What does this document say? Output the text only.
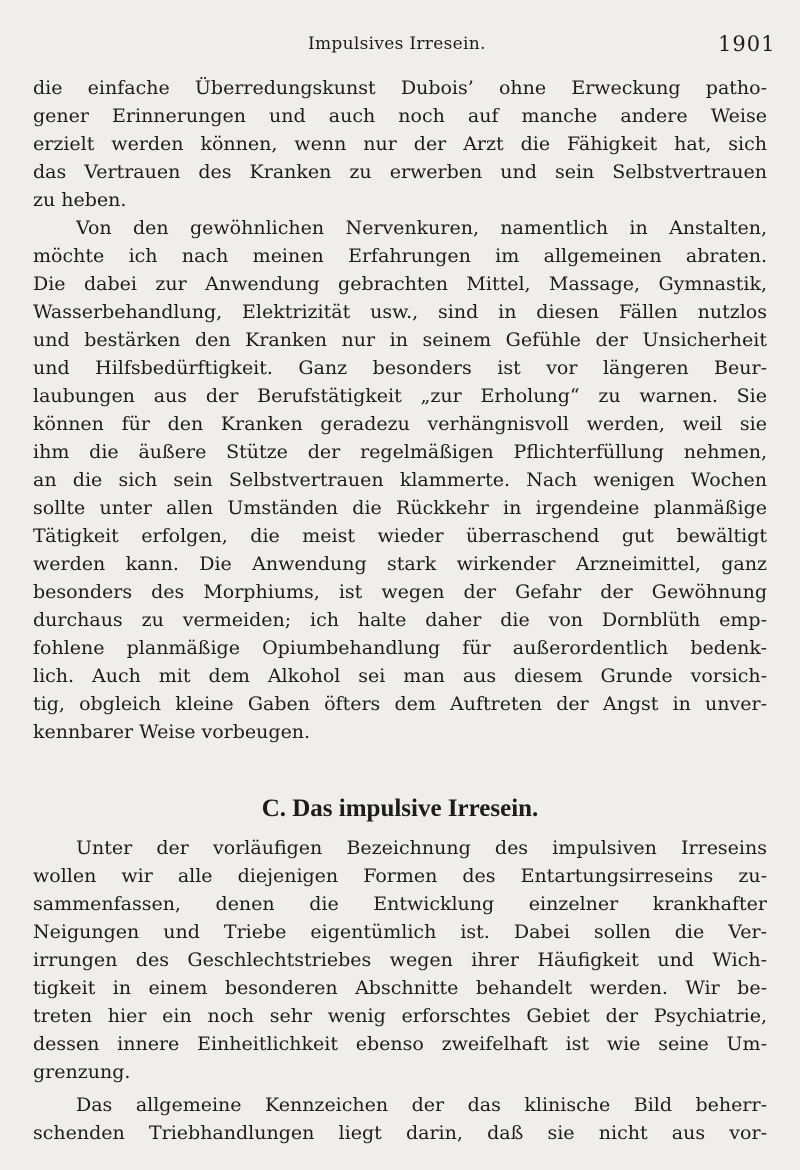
Impulsives Irresein.	1901
die einfache Überredungskunst Dubois’ ohne Erweckung patho-
gener Erinnerungen und auch noch auf manche andere Weise
erzielt werden können, wenn nur der Arzt die Fähigkeit hat, sich
das Vertrauen des Kranken zu erwerben und sein Selbstvertrauen
zu heben.
Von den gewöhnlichen Nervenkuren, namentlich in Anstalten,
möchte ich nach meinen Erfahrungen im allgemeinen abraten.
Die dabei zur Anwendung gebrachten Mittel, Massage, Gymnastik,
Wasserbehandlung, Elektrizität usw., sind in diesen Fällen nutzlos
und bestärken den Kranken nur in seinem Gefühle der Unsicherheit
und Hilfsbedürftigkeit. Ganz besonders ist vor längeren Beur-
laubungen aus der Berufstätigkeit „zur Erholung“ zu warnen. Sie
können für den Kranken geradezu verhängnisvoll werden, weil sie
ihm die äußere Stütze der regelmäßigen Pflichterfüllung nehmen,
an die sich sein Selbstvertrauen klammerte. Nach wenigen Wochen
sollte unter allen Umständen die Rückkehr in irgendeine planmäßige
Tätigkeit erfolgen, die meist wieder überraschend gut bewältigt
werden kann. Die Anwendung stark wirkender Arzneimittel, ganz
besonders des Morphiums, ist wegen der Gefahr der Gewöhnung
durchaus zu vermeiden; ich halte daher die von Dornblüth emp-
fohlene planmäßige Opiumbehandlung für außerordentlich bedenk-
lich. Auch mit dem Alkohol sei man aus diesem Grunde vorsich-
tig, obgleich kleine Gaben öfters dem Auftreten der Angst in unver-
kennbarer Weise vorbeugen.
C. Das impulsive Irresein.
Unter der vorläufigen Bezeichnung des impulsiven Irreseins
wollen wir alle diejenigen Formen des Entartungsirreseins zu-
sammenfassen, denen die Entwicklung einzelner krankhafter
Neigungen und Triebe eigentümlich ist. Dabei sollen die Ver-
irrungen des Geschlechtstriebes wegen ihrer Häufigkeit und Wich-
tigkeit in einem besonderen Abschnitte behandelt werden. Wir be-
treten hier ein noch sehr wenig erforschtes Gebiet der Psychiatrie,
dessen innere Einheitlichkeit ebenso zweifelhaft ist wie seine Um-
grenzung.
Das allgemeine Kennzeichen der das klinische Bild beherr-
schenden Triebhandlungen liegt darin, daß sie nicht aus vor-
